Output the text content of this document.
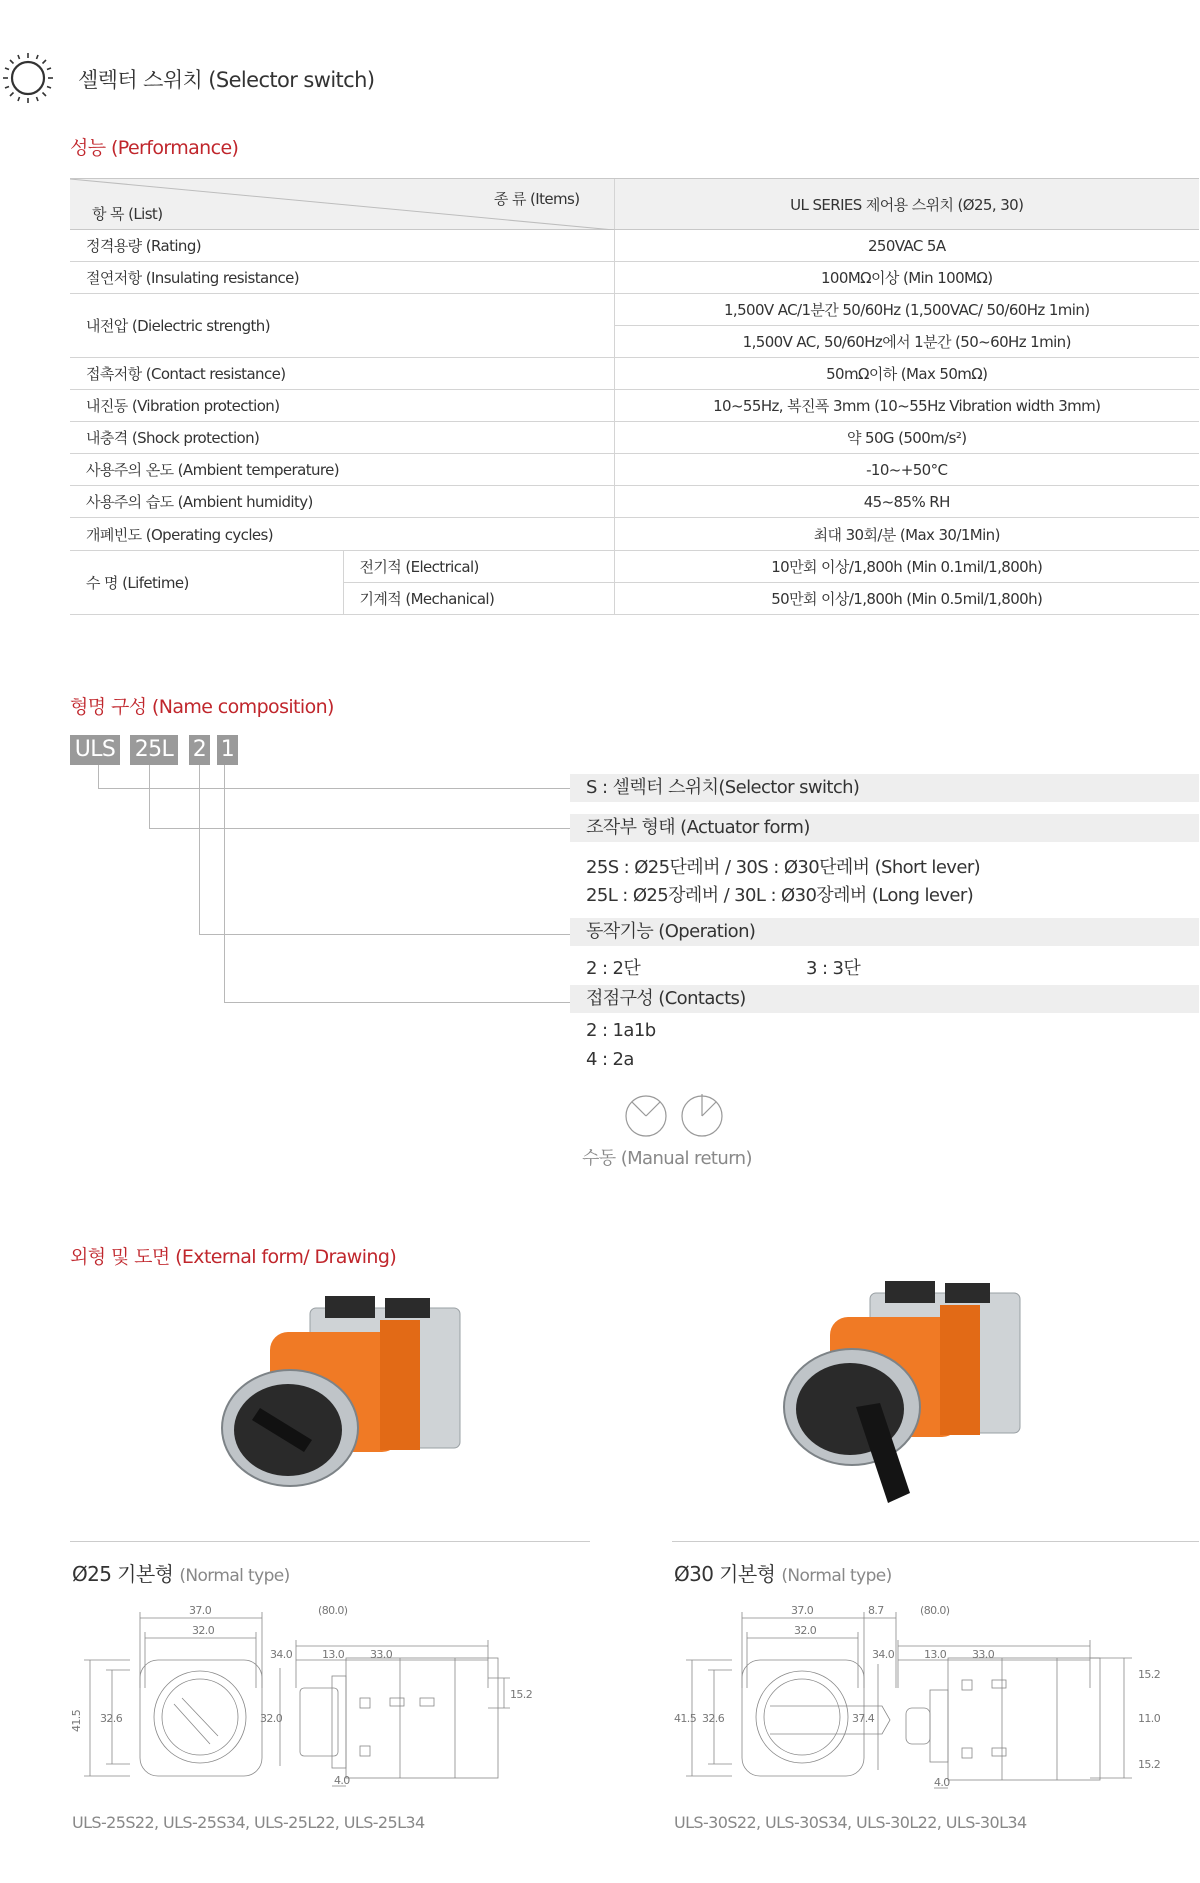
셀렉터 스위치 (Selector switch)
성능 (Performance)
종 류 (Items)
항 목 (List)		UL SERIES 제어용 스위치 (Ø25, 30)
정격용량 (Rating)		250VAC 5A
절연저항 (Insulating resistance)		100MΩ이상 (Min 100MΩ)
내전압 (Dielectric strength)		1,500V AC/1분간 50/60Hz (1,500VAC/ 50/60Hz 1min)
		1,500V AC, 50/60Hz에서 1분간 (50~60Hz 1min)
접촉저항 (Contact resistance)		50mΩ이하 (Max 50mΩ)
내진동 (Vibration protection)		10~55Hz, 복진폭 3mm (10~55Hz Vibration width 3mm)
내충격 (Shock protection)		약 50G (500m/s²)
사용주의 온도 (Ambient temperature)		-10~+50°C
사용주의 습도 (Ambient humidity)		45~85% RH
개폐빈도 (Operating cycles)		최대 30회/분 (Max 30/1Min)
수 명 (Lifetime)	전기적 (Electrical)	10만회 이상/1,800h (Min 0.1mil/1,800h)
	기계적 (Mechanical)	50만회 이상/1,800h (Min 0.5mil/1,800h)
형명 구성 (Name composition)
ULS 25L 2 1
S : 셀렉터 스위치(Selector switch)
조작부 형태 (Actuator form)
25S : Ø25단레버 / 30S : Ø30단레버 (Short lever)
25L : Ø25장레버 / 30L : Ø30장레버 (Long lever)
동작기능 (Operation)
2 : 2단	3 : 3단
접점구성 (Contacts)
2 : 1a1b
4 : 2a
수동 (Manual return)
외형 및 도면 (External form/ Drawing)
Ø25 기본형 (Normal type)	Ø30 기본형 (Normal type)
37.0
32.0
41.5 32.6
(80.0)
34.0	13.0 33.0
32.0
15.2
4.0
37.0	8.7
32.0
41.5 32.6
(80.0)
34.0	13.0 33.0
37.4
15.2
11.0
15.2
4.0
ULS-25S22, ULS-25S34, ULS-25L22, ULS-25L34	ULS-30S22, ULS-30S34, ULS-30L22, ULS-30L34
